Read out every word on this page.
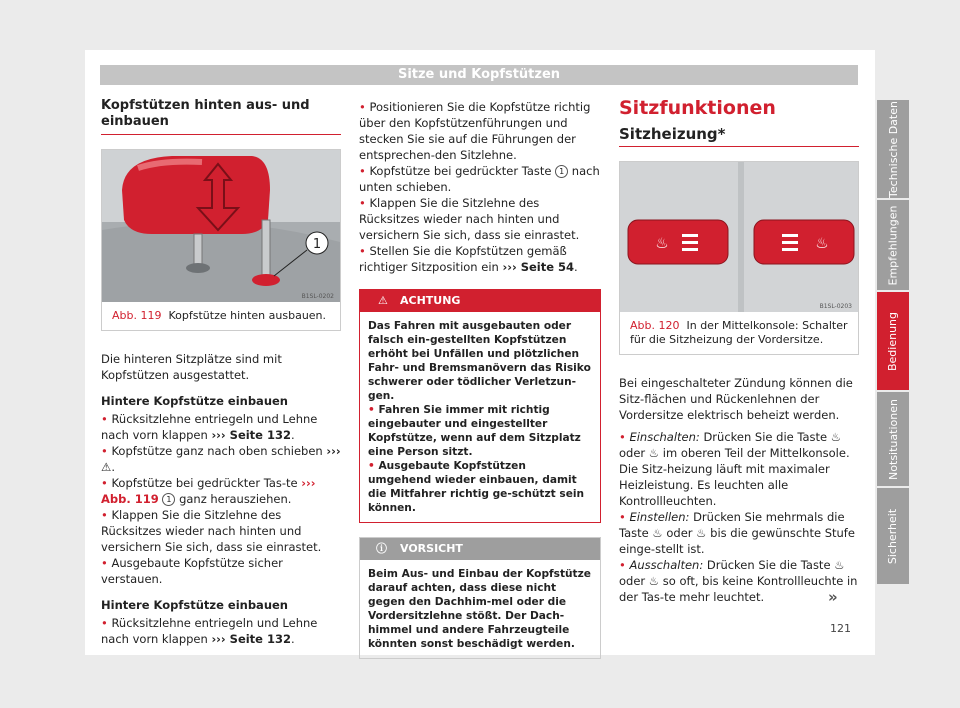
Sitze und Kopfstützen
Technische Daten
Empfehlungen
Bedienung
Notsituationen
Sicherheit
Kopfstützen hinten aus- und einbauen
1
B1SL-0202
Abb. 119 Kopfstütze hinten ausbauen.

Die hinteren Sitzplätze sind mit Kopfstützen ausgestattet.

Hintere Kopfstütze einbauen

• Rücksitzlehne entriegeln und Lehne nach vorn klappen ››› Seite 132.

• Kopfstütze ganz nach oben schieben ››› ⚠.

• Kopfstütze bei gedrückter Tas-te ››› Abb. 119 1 ganz herausziehen.

• Klappen Sie die Sitzlehne des Rücksitzes wieder nach hinten und versichern Sie sich, dass sie einrastet.

• Ausgebaute Kopfstütze sicher verstauen.

Hintere Kopfstütze einbauen

• Rücksitzlehne entriegeln und Lehne nach vorn klappen ››› Seite 132.

• Positionieren Sie die Kopfstütze richtig über den Kopfstützenführungen und stecken Sie sie auf die Führungen der entsprechen-den Sitzlehne.

• Kopfstütze bei gedrückter Taste 1 nach unten schieben.

• Klappen Sie die Sitzlehne des Rücksitzes wieder nach hinten und versichern Sie sich, dass sie einrastet.

• Stellen Sie die Kopfstützen gemäß richtiger Sitzposition ein ››› Seite 54.

⚠ ACHTUNG
Das Fahren mit ausgebauten oder falsch ein-gestellten Kopfstützen erhöht bei Unfällen und plötzlichen Fahr- und Bremsmanövern das Risiko schwerer oder tödlicher Verletzun-gen.
• Fahren Sie immer mit richtig eingebauter und eingestellter Kopfstütze, wenn auf dem Sitzplatz eine Person sitzt.
• Ausgebaute Kopfstützen umgehend wieder einbauen, damit die Mitfahrer richtig ge-schützt sein können.
ⓘ VORSICHT
Beim Aus- und Einbau der Kopfstütze darauf achten, dass diese nicht gegen den Dachhim-mel oder die Vordersitzlehne stößt. Der Dach-himmel und andere Fahrzeugteile könnten sonst beschädigt werden.
Sitzfunktionen
Sitzheizung*
♨	♨
B1SL-0203
Abb. 120 In der Mittelkonsole: Schalter für die Sitzheizung der Vordersitze.

Bei eingeschalteter Zündung können die Sitz-flächen und Rückenlehnen der Vordersitze elektrisch beheizt werden.

• Einschalten: Drücken Sie die Taste ♨ oder ♨ im oberen Teil der Mittelkonsole. Die Sitz-heizung läuft mit maximaler Heizleistung. Es leuchten alle Kontrollleuchten.

• Einstellen: Drücken Sie mehrmals die Taste ♨ oder ♨ bis die gewünschte Stufe einge-stellt ist.

• Ausschalten: Drücken Sie die Taste ♨ oder ♨ so oft, bis keine Kontrollleuchte in der Tas-te mehr leuchtet.	»
121
